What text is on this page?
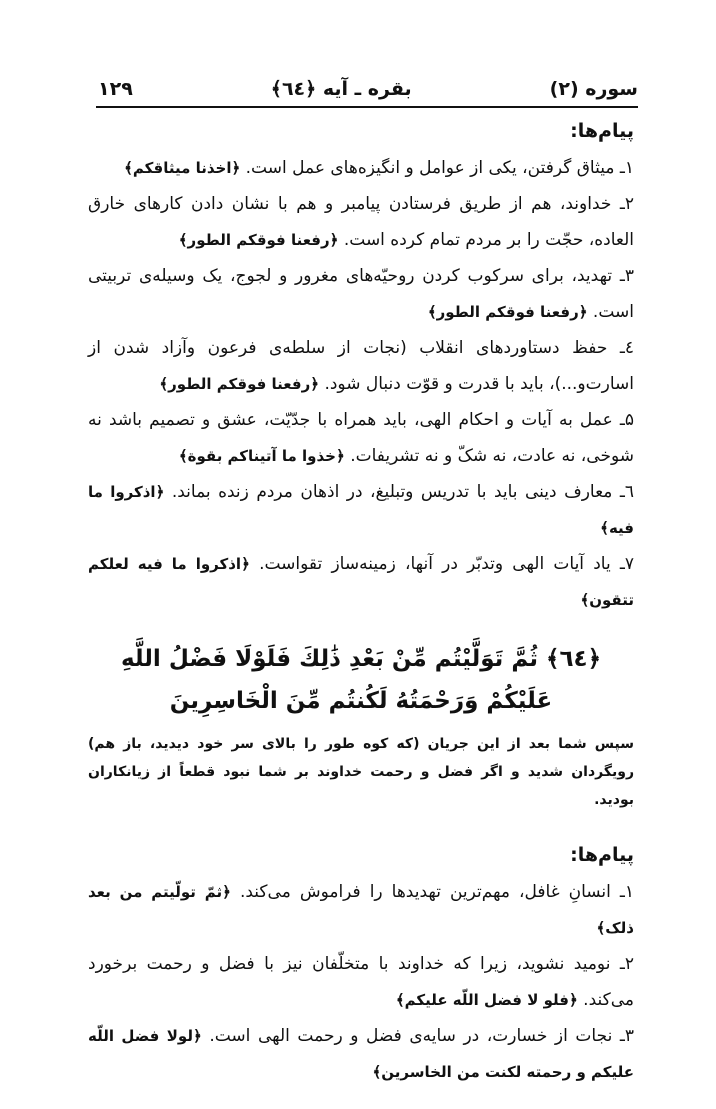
سوره (۲)
بقره ـ آیه ﴿٦٤﴾
۱۲۹
پیام‌ها:

۱ـ میثاق گرفتن، یکی از عوامل و انگیزه‌های عمل است. ﴿اخذنا میثاقکم﴾

۲ـ خداوند، هم از طریق فرستادن پیامبر و هم با نشان دادن کارهای خارق العاده، حجّت را بر مردم تمام کرده است. ﴿رفعنا فوقکم الطور﴾

۳ـ تهدید، برای سرکوب کردن روحیّه‌های مغرور و لجوج، یک وسیله‌ی تربیتی است. ﴿رفعنا فوقکم الطور﴾

٤ـ حفظ دستاوردهای انقلاب (نجات از سلطه‌ی فرعون وآزاد شدن از اسارت‌و...)، باید با قدرت و قوّت دنبال شود. ﴿رفعنا فوقکم الطور﴾

۵ـ عمل به آیات و احکام الهی، باید همراه با جدّیّت، عشق و تصمیم باشد نه شوخی، نه عادت، نه شکّ و نه تشریفات. ﴿خذوا ما آتیناکم بقوة﴾

٦ـ معارف دینی باید با تدریس وتبلیغ، در اذهان مردم زنده بماند. ﴿اذکروا ما فیه﴾

۷ـ یاد آیات الهی وتدبّر در آنها، زمینه‌ساز تقواست. ﴿اذکروا ما فیه لعلکم تتقون﴾

﴿٦٤﴾ ثُمَّ تَوَلَّيْتُم مِّنْ بَعْدِ ذَٰلِكَ فَلَوْلَا فَضْلُ اللَّهِ عَلَيْكُمْ وَرَحْمَتُهُ لَكُنتُم مِّنَ الْخَاسِرِينَ

سپس شما بعد از این جریان (که کوه طور را بالای سر خود دیدید، باز هم) رویگردان شدید و اگر فضل و رحمت خداوند بر شما نبود قطعاً از زیانکاران بودید.

پیام‌ها:

۱ـ انسانِ غافل، مهم‌ترین تهدیدها را فراموش می‌کند. ﴿ثمّ تولّیتم من بعد ذلک﴾

۲ـ نومید نشوید، زیرا که خداوند با متخلّفان نیز با فضل و رحمت برخورد می‌کند. ﴿فلو لا فضل اللّه علیکم﴾

۳ـ نجات از خسارت، در سایه‌ی فضل و رحمت الهی است. ﴿لولا فضل اللّه علیکم و رحمته لکنت من الخاسرین﴾
